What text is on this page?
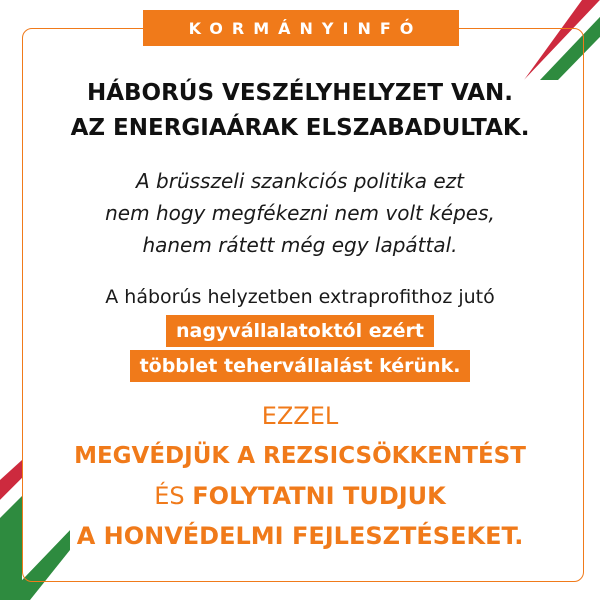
KORMÁNYINFÓ
HÁBORÚS VESZÉLYHELYZET VAN.
AZ ENERGIAÁRAK ELSZABADULTAK.
A brüsszeli szankciós politika ezt
nem hogy megfékezni nem volt képes,
hanem rátett még egy lapáttal.
A háborús helyzetben extraprofithoz jutó
nagyvállalatoktól ezért
többlet tehervállalást kérünk.
EZZEL
MEGVÉDJÜK A REZSICSÖKKENTÉST
ÉS FOLYTATNI TUDJUK
A HONVÉDELMI FEJLESZTÉSEKET.
